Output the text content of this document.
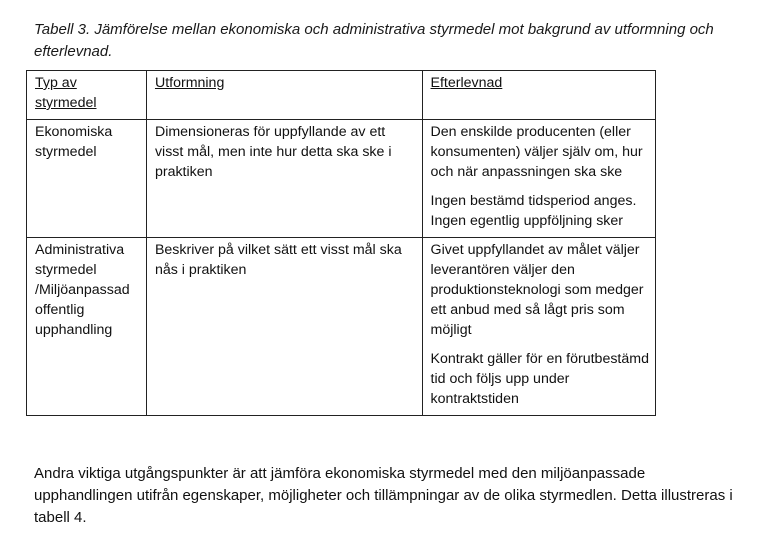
Tabell 3. Jämförelse mellan ekonomiska och administrativa styrmedel mot bakgrund av utformning och efterlevnad.
Typ av styrmedel	Utformning	Efterlevnad
Ekonomiska styrmedel	Dimensioneras för uppfyllande av ett visst mål, men inte hur detta ska ske i praktiken	Den enskilde producenten (eller konsumenten) väljer själv om, hur och när anpassningen ska ske
Ingen bestämd tidsperiod anges. Ingen egentlig uppföljning sker

Administrativa styrmedel /Miljöanpassad offentlig upphandling	Beskriver på vilket sätt ett visst mål ska nås i praktiken	Givet uppfyllandet av målet väljer leverantören väljer den produktionsteknologi som medger ett anbud med så lågt pris som möjligt
Kontrakt gäller för en förutbestämd tid och följs upp under kontraktstiden
Andra viktiga utgångspunkter är att jämföra ekonomiska styrmedel med den miljöanpassade upphandlingen utifrån egenskaper, möjligheter och tillämpningar av de olika styrmedlen. Detta illustreras i tabell 4.
